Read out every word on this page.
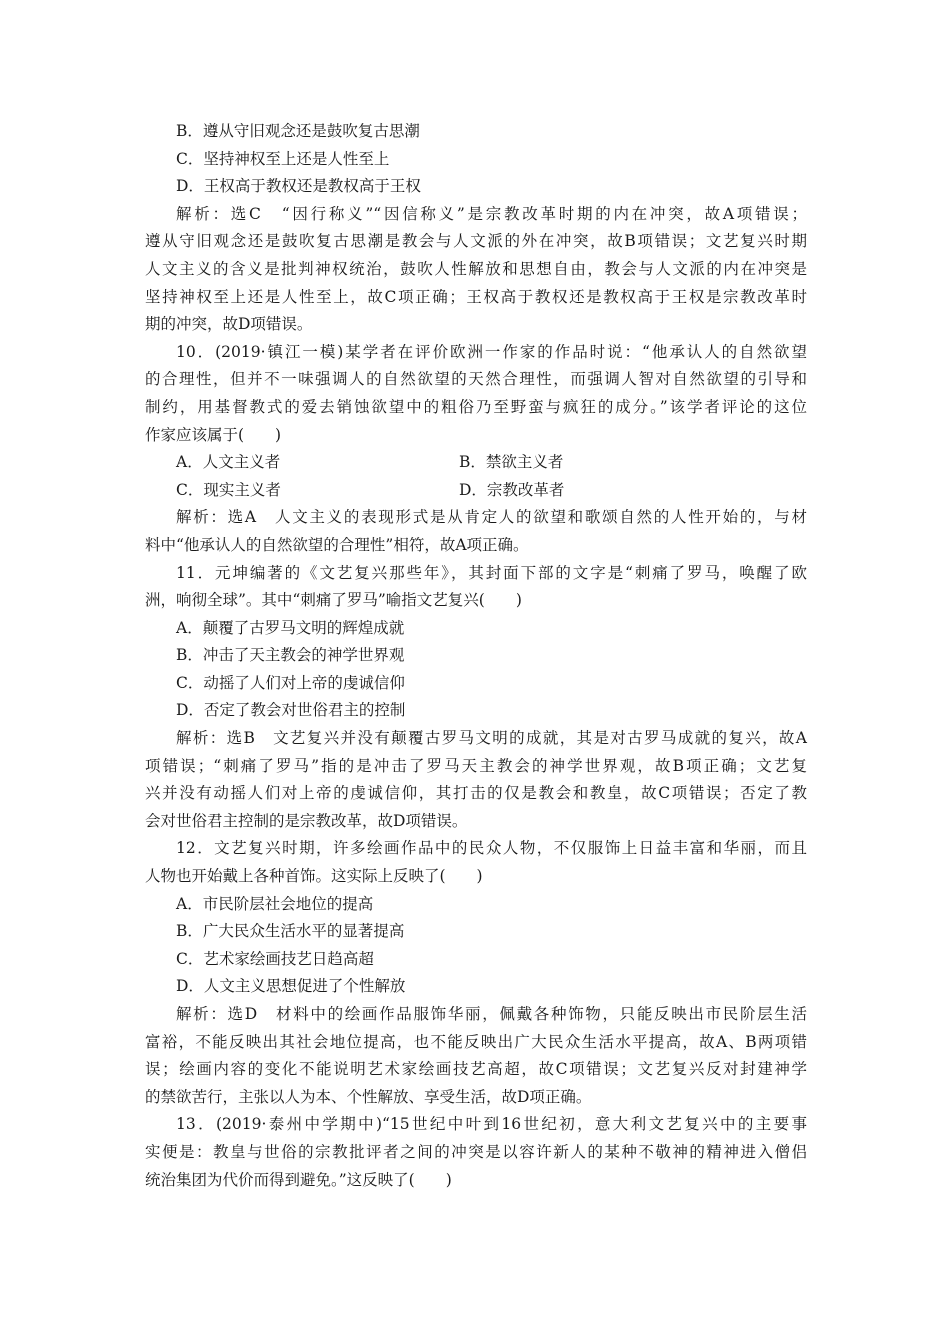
B．遵从守旧观念还是鼓吹复古思潮
C．坚持神权至上还是人性至上
D．王权高于教权还是教权高于王权
解析：选C　“因行称义”“因信称义”是宗教改革时期的内在冲突，故A项错误；
遵从守旧观念还是鼓吹复古思潮是教会与人文派的外在冲突，故B项错误；文艺复兴时期
人文主义的含义是批判神权统治，鼓吹人性解放和思想自由，教会与人文派的内在冲突是
坚持神权至上还是人性至上，故C项正确；王权高于教权还是教权高于王权是宗教改革时
期的冲突，故D项错误。
10．(2019·镇江一模)某学者在评价欧洲一作家的作品时说：“他承认人的自然欲望
的合理性，但并不一味强调人的自然欲望的天然合理性，而强调人智对自然欲望的引导和
制约，用基督教式的爱去销蚀欲望中的粗俗乃至野蛮与疯狂的成分。”该学者评论的这位
作家应该属于(　　)
A．人文主义者	B．禁欲主义者
C．现实主义者	D．宗教改革者
解析：选A　人文主义的表现形式是从肯定人的欲望和歌颂自然的人性开始的，与材
料中“他承认人的自然欲望的合理性”相符，故A项正确。
11．元坤编著的《文艺复兴那些年》，其封面下部的文字是“刺痛了罗马，唤醒了欧
洲，响彻全球”。其中“刺痛了罗马”喻指文艺复兴(　　)
A．颠覆了古罗马文明的辉煌成就
B．冲击了天主教会的神学世界观
C．动摇了人们对上帝的虔诚信仰
D．否定了教会对世俗君主的控制
解析：选B　文艺复兴并没有颠覆古罗马文明的成就，其是对古罗马成就的复兴，故A
项错误；“刺痛了罗马”指的是冲击了罗马天主教会的神学世界观，故B项正确；文艺复
兴并没有动摇人们对上帝的虔诚信仰，其打击的仅是教会和教皇，故C项错误；否定了教
会对世俗君主控制的是宗教改革，故D项错误。
12．文艺复兴时期，许多绘画作品中的民众人物，不仅服饰上日益丰富和华丽，而且
人物也开始戴上各种首饰。这实际上反映了(　　)
A．市民阶层社会地位的提高
B．广大民众生活水平的显著提高
C．艺术家绘画技艺日趋高超
D．人文主义思想促进了个性解放
解析：选D　材料中的绘画作品服饰华丽，佩戴各种饰物，只能反映出市民阶层生活
富裕，不能反映出其社会地位提高，也不能反映出广大民众生活水平提高，故A、B两项错
误；绘画内容的变化不能说明艺术家绘画技艺高超，故C项错误；文艺复兴反对封建神学
的禁欲苦行，主张以人为本、个性解放、享受生活，故D项正确。
13．(2019·泰州中学期中)“15世纪中叶到16世纪初，意大利文艺复兴中的主要事
实便是：教皇与世俗的宗教批评者之间的冲突是以容许新人的某种不敬神的精神进入僧侣
统治集团为代价而得到避免。”这反映了(　　)
